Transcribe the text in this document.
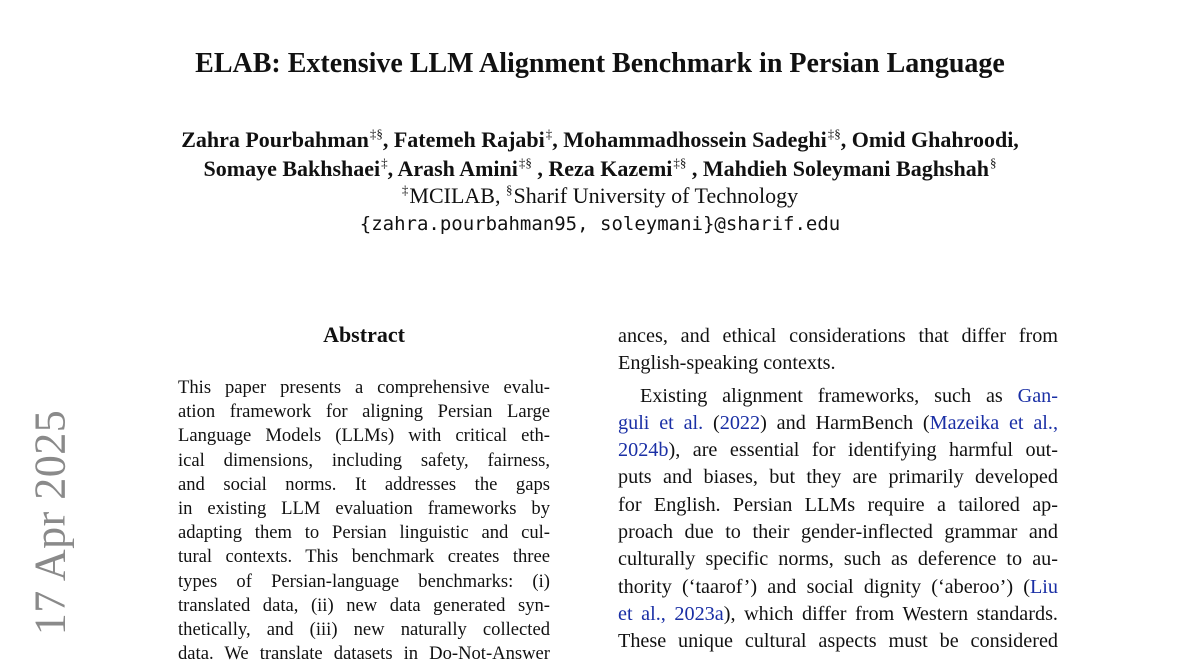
17 Apr 2025
ELAB: Extensive LLM Alignment Benchmark in Persian Language
Zahra Pourbahman‡§, Fatemeh Rajabi‡, Mohammadhossein Sadeghi‡§, Omid Ghahroodi,
Somaye Bakhshaei‡, Arash Amini‡§ , Reza Kazemi‡§ , Mahdieh Soleymani Baghshah§
‡MCILAB, §Sharif University of Technology
{zahra.pourbahman95, soleymani}@sharif.edu
Abstract
This paper presents a comprehensive evalu-
ation framework for aligning Persian Large
Language Models (LLMs) with critical eth-
ical dimensions, including safety, fairness,
and social norms. It addresses the gaps
in existing LLM evaluation frameworks by
adapting them to Persian linguistic and cul-
tural contexts. This benchmark creates three
types of Persian-language benchmarks: (i)
translated data, (ii) new data generated syn-
thetically, and (iii) new naturally collected
data. We translate datasets in Do-Not-Answer
ances, and ethical considerations that differ from
English-speaking contexts.
Existing alignment frameworks, such as Gan-
guli et al. (2022) and HarmBench (Mazeika et al.,
2024b), are essential for identifying harmful out-
puts and biases, but they are primarily developed
for English. Persian LLMs require a tailored ap-
proach due to their gender-inflected grammar and
culturally specific norms, such as deference to au-
thority (‘taarof’) and social dignity (‘aberoo’) (Liu
et al., 2023a), which differ from Western standards.
These unique cultural aspects must be considered
